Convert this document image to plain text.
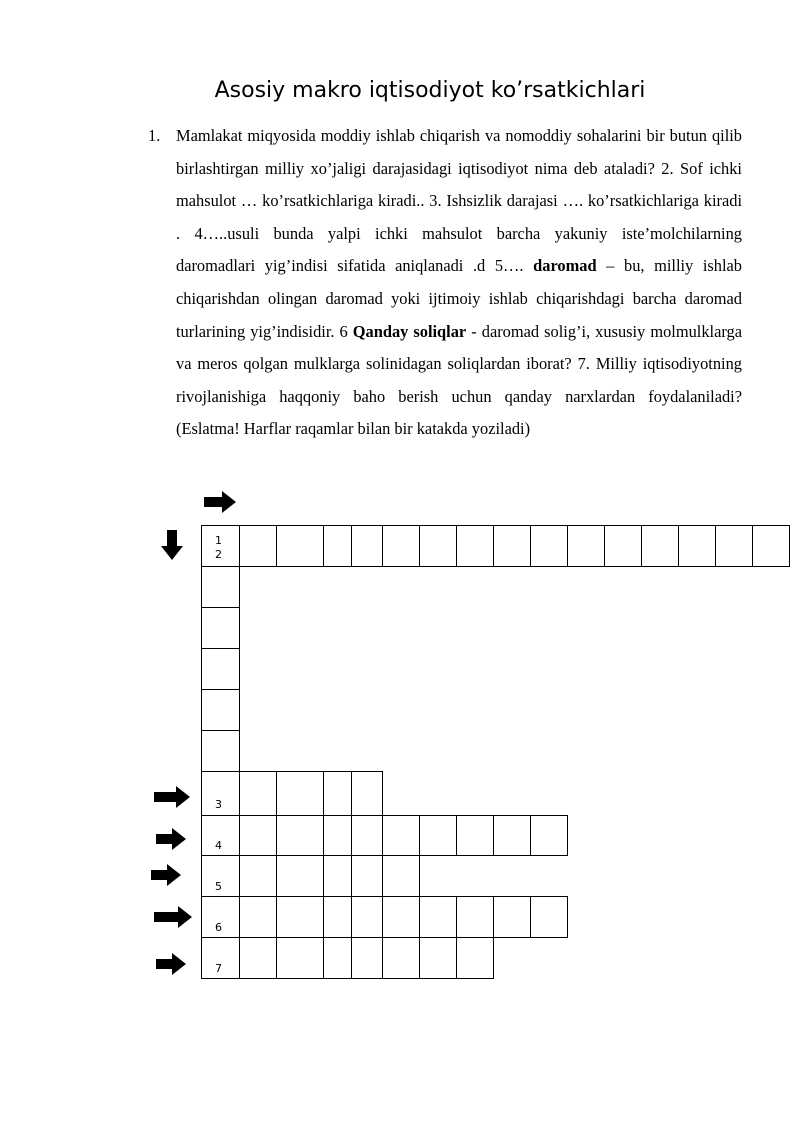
Asosiy makro iqtisodiyot ko’rsatkichlari
1. Mamlakat miqyosida moddiy ishlab chiqarish va nomoddiy sohalarini bir butun qilib birlashtirgan milliy xo’jaligi darajasidagi iqtisodiyot nima deb ataladi? 2. Sof ichki mahsulot … ko’rsatkichlariga kiradi.. 3. Ishsizlik darajasi …. ko’rsatkichlariga kiradi . 4…..usuli bunda yalpi ichki mahsulot barcha yakuniy iste’molchilarning daromadlari yig’indisi sifatida aniqlanadi .d 5…. daromad – bu, milliy ishlab chiqarishdan olingan daromad yoki ijtimoiy ishlab chiqarishdagi barcha daromad turlarining yig’indisidir. 6 Qanday soliqlar - daromad solig’i, xususiy molmulklarga va meros qolgan mulklarga solinidagan soliqlardan iborat? 7. Milliy iqtisodiyotning rivojlanishiga haqqoniy baho berish uchun qanday narxlardan foydalaniladi? (Eslatma! Harflar raqamlar bilan bir katakda yoziladi)
1
2
3
4
5
6
7
